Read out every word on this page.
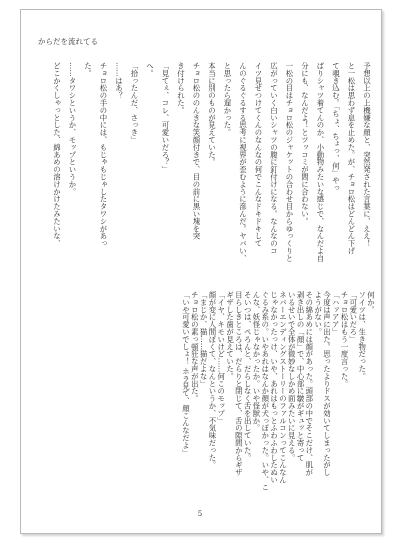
からだを流れてる
予想以上の上機嫌な顔と、突然発された言葉に、ええ！
と一松は思わず息を止めた。が、チョロ松はどんどん下げ
て覗き込む。「ちょ、ちょっ、何」やっ
ぱりシャツ着てんのか、小動物みたいな感じで、なんだよ自
分にも、なんだよ！とツッコミが間に合わない。
一松の目はチョロ松のジャケットの合わせ目からゆっくりと
広がっていく白いシャツの腹に釘付けになる。なんなのコ
イツ見せつけてくんのなんなの何でこんなドキドキして
んのぐるぐるする思考に視界が歪むように滲んだ。ヤバい、
と思ったら遅かった。
本当に別のものが見えていた。
チョロ松ののんきな笑顔付きで、目の前に黒い塊を突
き付けられた。
「見てぇ、コレ、可愛いだろ？」
へ。
「拾ったんだ、さっき」
……はあ？
チョロ松の手の中には、もじゃもじゃしたタワシがあっ
た。
……タワシというか、モップというか。
どこかくしゃっとした、綿あめの溶けかけたみたいな、
何か。
ソイツは、生き物だった。
「可愛いだろ」
チョロ松はもう一度言った。
「ハァアア」
今度は声に出た。思ったよりドスが効いてしまったがし
ようがない。
その綿あめには顔があった。頭部の中でそこだけ、肌が
剥き出しの「顔」で、中心部に皺がギュッと寄って
いるせいで全体が微妙なしかめ面みたいに見える。
ネバーエンディングストーリーのファルコンってこんなん
じゃなかったっけ、いや、あれはもっとふわふわしたぬい
ぐるみ系の。いやあれはなんか顔が犬っぽかった。いや、こ
んな、妖怪じゃなかったか。いや怪獣か。
そいつは、ぺろんと、だらしなく舌を出していた。
目らしきところは、だらりと閉じて、舌の隙間からギザ
ギザした歯が見えていた。
「イヤ、キモいけど……何このモップ」
顔が変に人間ぽくて、なんというか、不気味だった。
「まじか、猫……猫だよな」
チョロ松の素っ頓狂な声が出た。
「いや可愛いでしょ！ ホラ見て、顔こんなだよ」
5
